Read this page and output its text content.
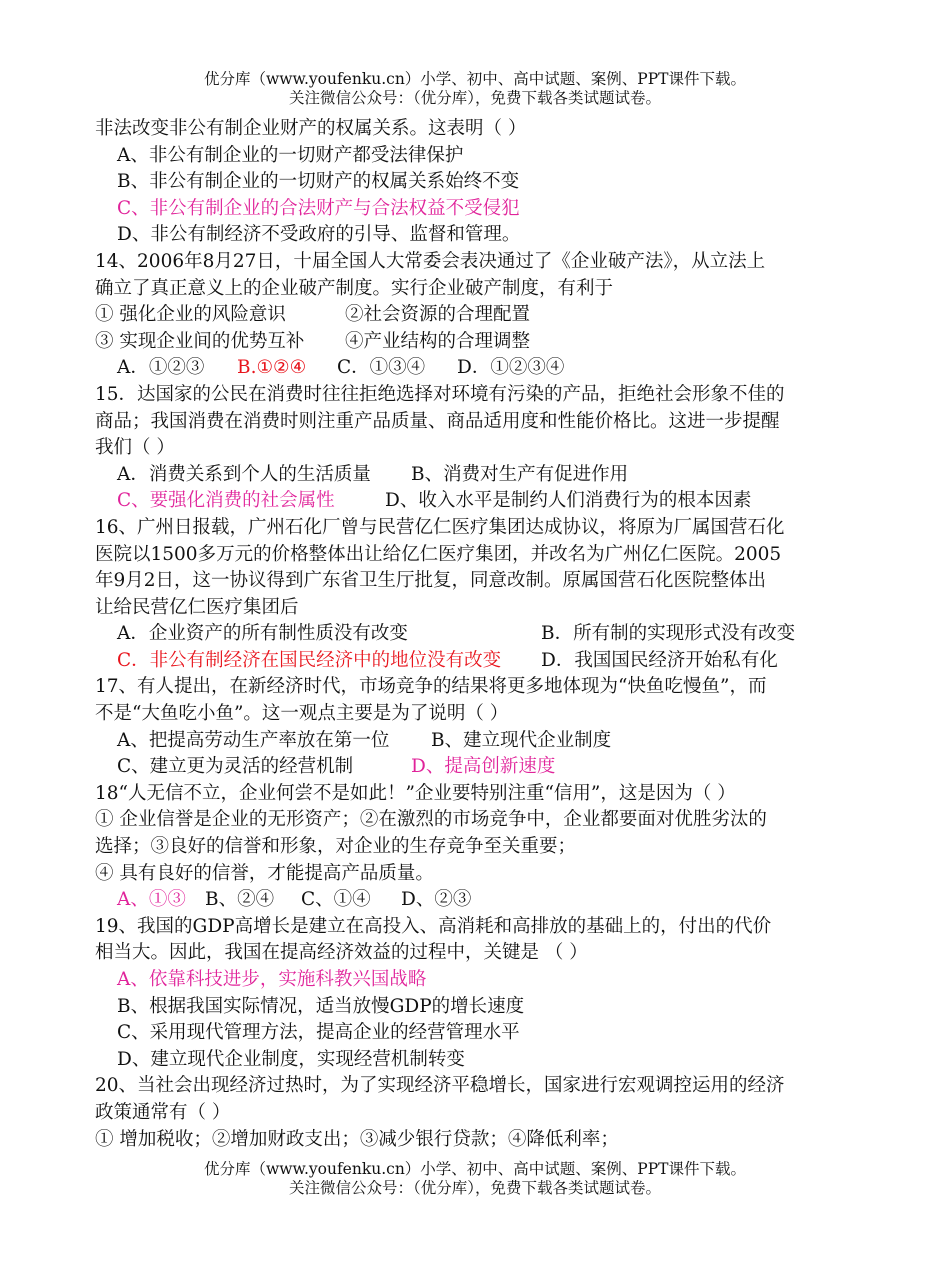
优分库（www.youfenku.cn）小学、初中、高中试题、案例、PPT课件下载。
关注微信公众号：（优分库），免费下载各类试题试卷。
非法改变非公有制企业财产的权属关系。这表明（ ）
A、非公有制企业的一切财产都受法律保护
B、非公有制企业的一切财产的权属关系始终不变
C、非公有制企业的合法财产与合法权益不受侵犯
D、非公有制经济不受政府的引导、监督和管理。
14、2006年8月27日，十届全国人大常委会表决通过了《企业破产法》，从立法上
确立了真正意义上的企业破产制度。实行企业破产制度，有利于
① 强化企业的风险意识	②社会资源的合理配置
③ 实现企业间的优势互补 ④产业结构的合理调整
A．①②③ B.①②④ C．①③④ D．①②③④
15．达国家的公民在消费时往往拒绝选择对环境有污染的产品，拒绝社会形象不佳的
商品；我国消费在消费时则注重产品质量、商品适用度和性能价格比。这进一步提醒
我们（ ）
A．消费关系到个人的生活质量 B、消费对生产有促进作用
C、要强化消费的社会属性	D、收入水平是制约人们消费行为的根本因素
16、广州日报载，广州石化厂曾与民营亿仁医疗集团达成协议，将原为厂属国营石化
医院以1500多万元的价格整体出让给亿仁医疗集团，并改名为广州亿仁医院。2005
年9月2日，这一协议得到广东省卫生厅批复，同意改制。原属国营石化医院整体出
让给民营亿仁医疗集团后
A．企业资产的所有制性质没有改变	B．所有制的实现形式没有改变
C．非公有制经济在国民经济中的地位没有改变 D．我国国民经济开始私有化
17、有人提出，在新经济时代，市场竞争的结果将更多地体现为“快鱼吃慢鱼”，而
不是“大鱼吃小鱼”。这一观点主要是为了说明（ ）
A、把提高劳动生产率放在第一位 B、建立现代企业制度
C、建立更为灵活的经营机制	D、提高创新速度
18“人无信不立，企业何尝不是如此！”企业要特别注重“信用”，这是因为（ ）
① 企业信誉是企业的无形资产；②在激烈的市场竞争中，企业都要面对优胜劣汰的
选择；③良好的信誉和形象，对企业的生存竞争至关重要；
④ 具有良好的信誉，才能提高产品质量。
A、①③ B、②④ C、①④ D、②③
19、我国的GDP高增长是建立在高投入、高消耗和高排放的基础上的，付出的代价
相当大。因此，我国在提高经济效益的过程中，关键是 （ ）
A、依靠科技进步，实施科教兴国战略
B、根据我国实际情况，适当放慢GDP的增长速度
C、采用现代管理方法，提高企业的经营管理水平
D、建立现代企业制度，实现经营机制转变
20、当社会出现经济过热时，为了实现经济平稳增长，国家进行宏观调控运用的经济
政策通常有（ ）
① 增加税收；②增加财政支出；③减少银行贷款；④降低利率；
优分库（www.youfenku.cn）小学、初中、高中试题、案例、PPT课件下载。
关注微信公众号：（优分库），免费下载各类试题试卷。
